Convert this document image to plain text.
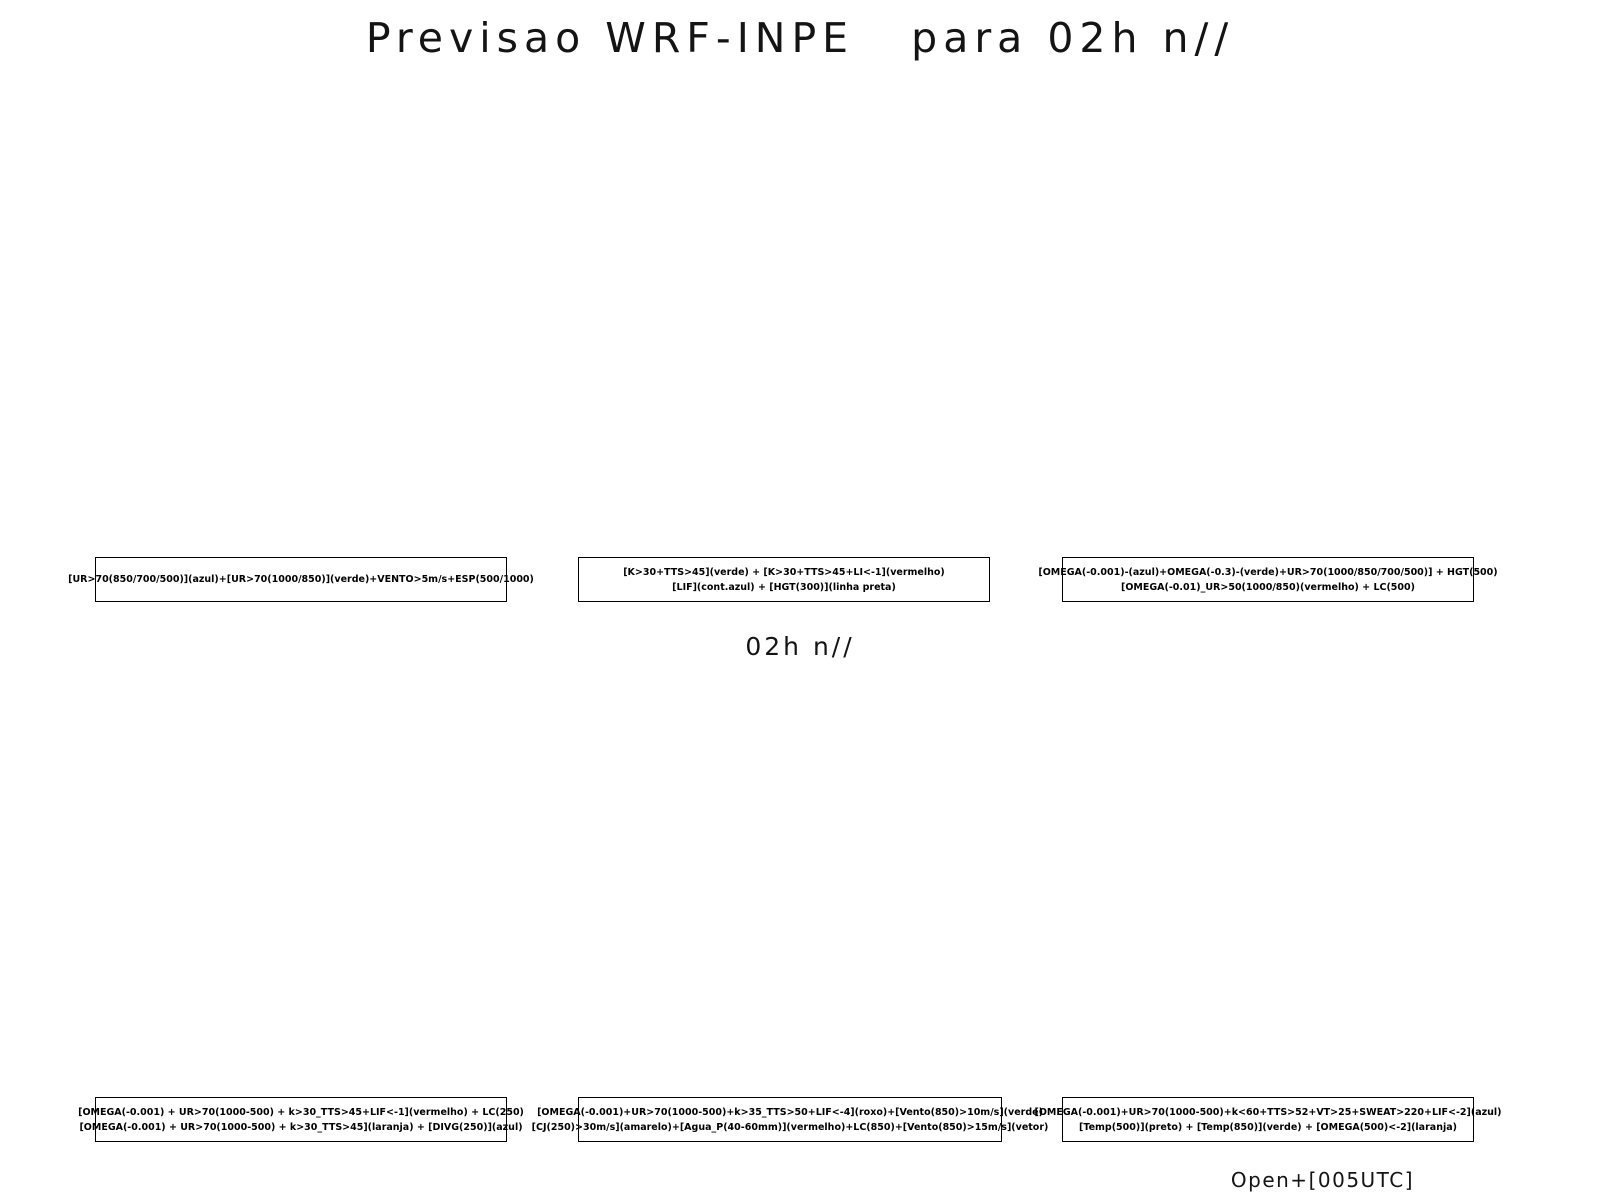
Previsao WRF-INPE   para 02h n//
[UR>70(850/700/500)](azul)+[UR>70(1000/850)](verde)+VENTO>5m/s+ESP(500/1000)
[K>30+TTS>45](verde) + [K>30+TTS>45+LI<-1](vermelho)
[LIF](cont.azul) + [HGT(300)](linha preta)
[OMEGA(-0.001)-(azul)+OMEGA(-0.3)-(verde)+UR>70(1000/850/700/500)] + HGT(500)
[OMEGA(-0.01)_UR>50(1000/850)(vermelho) + LC(500)
02h n//
[OMEGA(-0.001) + UR>70(1000-500) + k>30_TTS>45+LIF<-1](vermelho) + LC(250)
[OMEGA(-0.001) + UR>70(1000-500) + k>30_TTS>45](laranja) + [DIVG(250)](azul)
[OMEGA(-0.001)+UR>70(1000-500)+k>35_TTS>50+LIF<-4](roxo)+[Vento(850)>10m/s](verde)
[CJ(250)>30m/s](amarelo)+[Agua_P(40-60mm)](vermelho)+LC(850)+[Vento(850)>15m/s](vetor)
[OMEGA(-0.001)+UR>70(1000-500)+k<60+TTS>52+VT>25+SWEAT>220+LIF<-2](azul)
[Temp(500)](preto) + [Temp(850)](verde) + [OMEGA(500)<-2](laranja)
Open+[005UTC]
